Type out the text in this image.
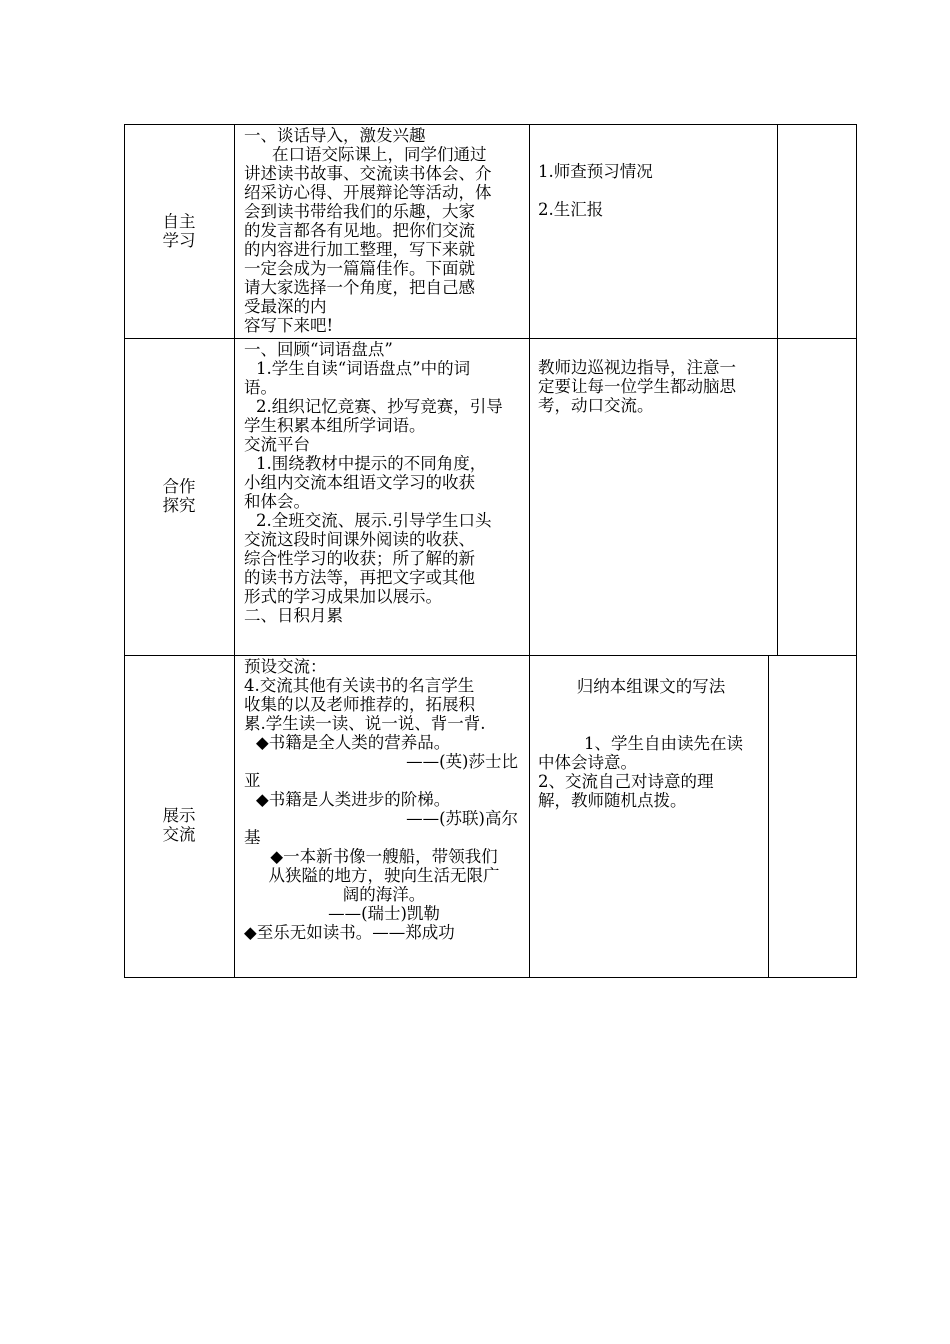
自主
学习
一、谈话导入，激发兴趣
在口语交际课上，同学们通过
讲述读书故事、交流读书体会、介
绍采访心得、开展辩论等活动，体
会到读书带给我们的乐趣，大家
的发言都各有见地。把你们交流
的内容进行加工整理，写下来就
一定会成为一篇篇佳作。下面就
请大家选择一个角度，把自己感
受最深的内
容写下来吧!
1.师查预习情况
2.生汇报
合作
探究
一、回顾“词语盘点”
1.学生自读“词语盘点”中的词
语。
2.组织记忆竞赛、抄写竞赛，引导
学生积累本组所学词语。
交流平台
1.围绕教材中提示的不同角度，
小组内交流本组语文学习的收获
和体会。
2.全班交流、展示.引导学生口头
交流这段时间课外阅读的收获、
综合性学习的收获；所了解的新
的读书方法等，再把文字或其他
形式的学习成果加以展示。
二、日积月累
教师边巡视边指导，注意一
定要让每一位学生都动脑思
考，动口交流。
展示
交流
预设交流：
4.交流其他有关读书的名言学生
收集的以及老师推荐的，拓展积
累.学生读一读、说一说、背一背.
◆书籍是全人类的营养品。
——(英)莎士比
亚
◆书籍是人类进步的阶梯。
——(苏联)高尔
基
◆一本新书像一艘船，带领我们
从狭隘的地方，驶向生活无限广
阔的海洋。
——(瑞士)凯勒
◆至乐无如读书。——郑成功
归纳本组课文的写法
1、学生自由读先在读
中体会诗意。
2、交流自己对诗意的理
解，教师随机点拨。
